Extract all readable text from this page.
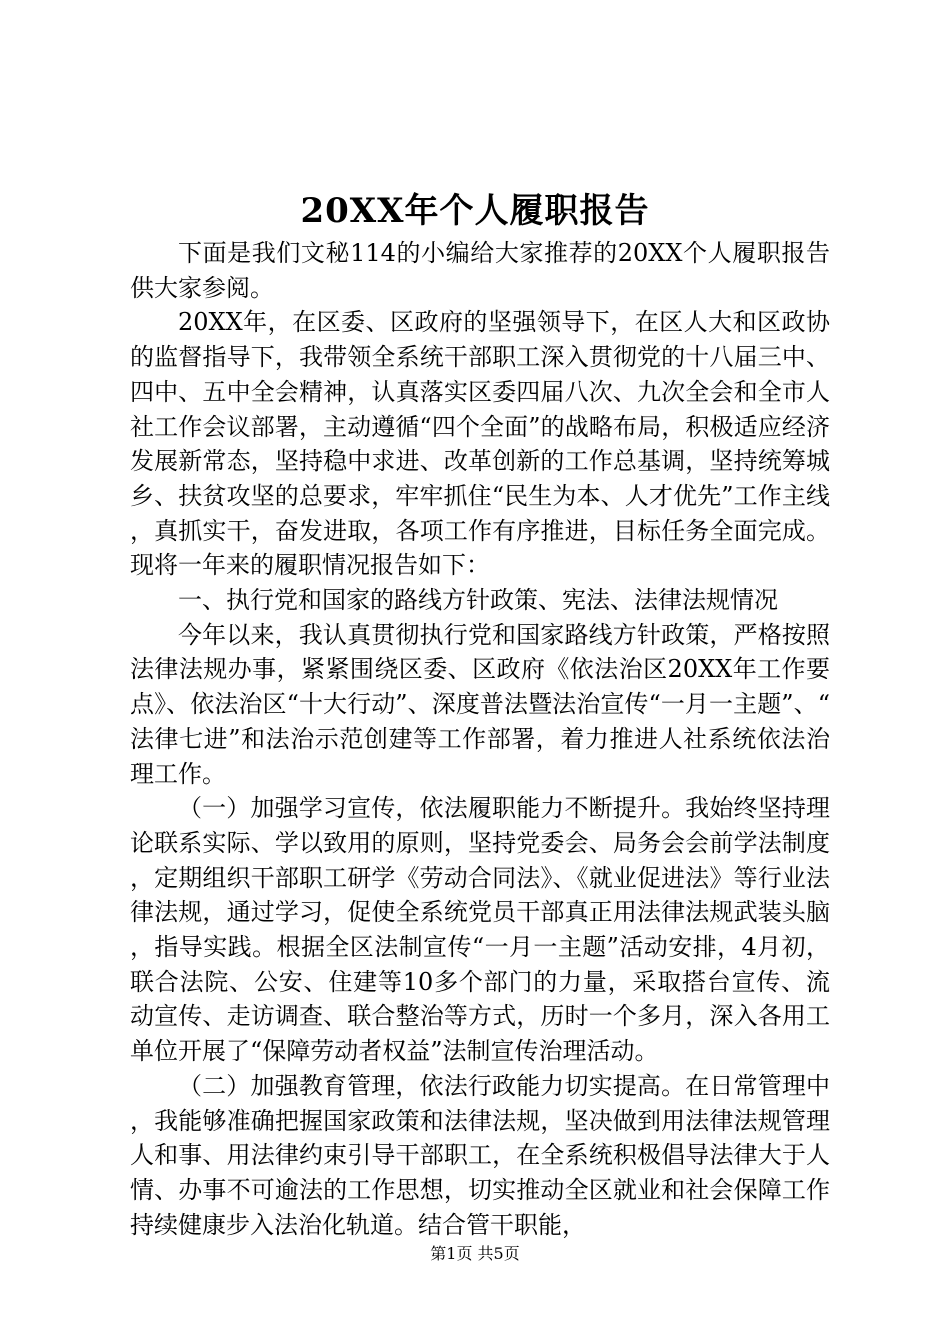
20XX年个人履职报告

下面是我们文秘114的小编给大家推荐的20XX个人履职报告供大家参阅。

20XX年，在区委、区政府的坚强领导下，在区人大和区政协的监督指导下，我带领全系统干部职工深入贯彻党的十八届三中、四中、五中全会精神，认真落实区委四届八次、九次全会和全市人社工作会议部署，主动遵循“四个全面”的战略布局，积极适应经济发展新常态，坚持稳中求进、改革创新的工作总基调，坚持统筹城乡、扶贫攻坚的总要求，牢牢抓住“民生为本、人才优先”工作主线，真抓实干，奋发进取，各项工作有序推进，目标任务全面完成。现将一年来的履职情况报告如下：

一、执行党和国家的路线方针政策、宪法、法律法规情况

今年以来，我认真贯彻执行党和国家路线方针政策，严格按照法律法规办事，紧紧围绕区委、区政府《依法治区20XX年工作要点》、依法治区“十大行动”、深度普法暨法治宣传“一月一主题”、“法律七进”和法治示范创建等工作部署，着力推进人社系统依法治理工作。

（一）加强学习宣传，依法履职能力不断提升。我始终坚持理论联系实际、学以致用的原则，坚持党委会、局务会会前学法制度，定期组织干部职工研学《劳动合同法》、《就业促进法》等行业法律法规，通过学习，促使全系统党员干部真正用法律法规武装头脑，指导实践。根据全区法制宣传“一月一主题”活动安排，4月初，联合法院、公安、住建等10多个部门的力量，采取搭台宣传、流动宣传、走访调查、联合整治等方式，历时一个多月，深入各用工单位开展了“保障劳动者权益”法制宣传治理活动。

（二）加强教育管理，依法行政能力切实提高。在日常管理中，我能够准确把握国家政策和法律法规，坚决做到用法律法规管理人和事、用法律约束引导干部职工，在全系统积极倡导法律大于人情、办事不可逾法的工作思想，切实推动全区就业和社会保障工作持续健康步入法治化轨道。结合管干职能，

第1页 共5页
